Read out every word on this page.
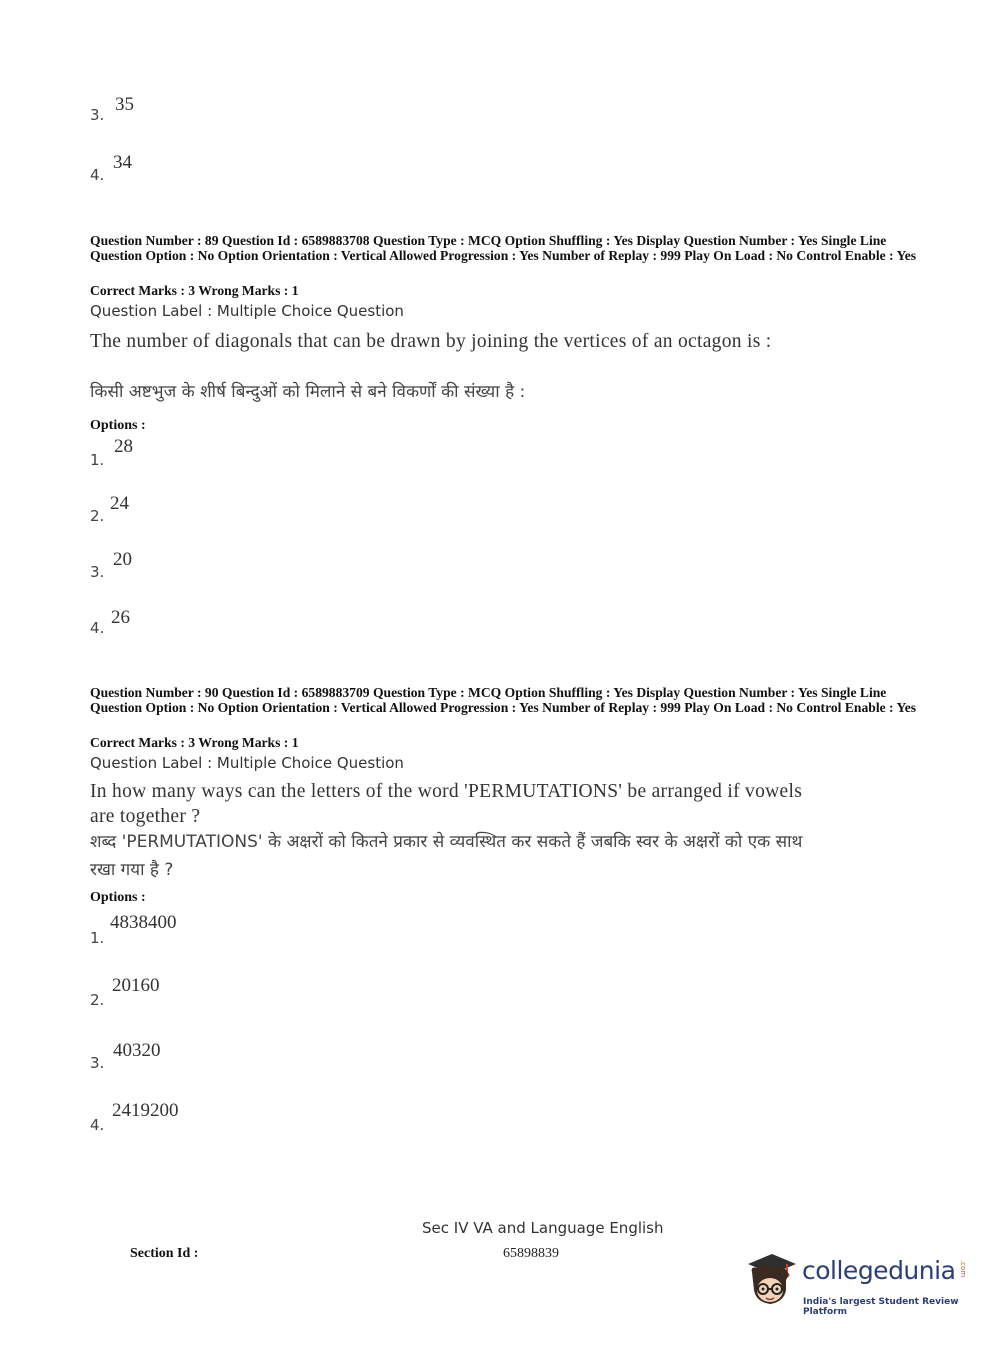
3. 35
4.
34
Question Number : 89 Question Id : 6589883708 Question Type : MCQ Option Shuffling : Yes Display Question Number : Yes Single Line Question Option : No Option Orientation : Vertical Allowed Progression : Yes Number of Replay : 999 Play On Load : No Control Enable : Yes
Correct Marks : 3 Wrong Marks : 1
Question Label : Multiple Choice Question
The number of diagonals that can be drawn by joining the vertices of an octagon is :
किसी अष्टभुज के शीर्ष बिन्दुओं को मिलाने से बने विकर्णों की संख्या है :
Options :
1.
28
2.
24
3.
20
4. 26
Question Number : 90 Question Id : 6589883709 Question Type : MCQ Option Shuffling : Yes Display Question Number : Yes Single Line Question Option : No Option Orientation : Vertical Allowed Progression : Yes Number of Replay : 999 Play On Load : No Control Enable : Yes
Correct Marks : 3 Wrong Marks : 1
Question Label : Multiple Choice Question
In how many ways can the letters of the word 'PERMUTATIONS' be arranged if vowels are together ?
शब्द 'PERMUTATIONS' के अक्षरों को कितने प्रकार से व्यवस्थित कर सकते हैं जबकि स्वर के अक्षरों को एक साथ रखा गया है ?
Options :
1.
4838400
2.
20160
3.
40320
4.
2419200
Sec IV VA and Language English
Section Id :	65898839
collegedunia .com
India's largest Student Review Platform
